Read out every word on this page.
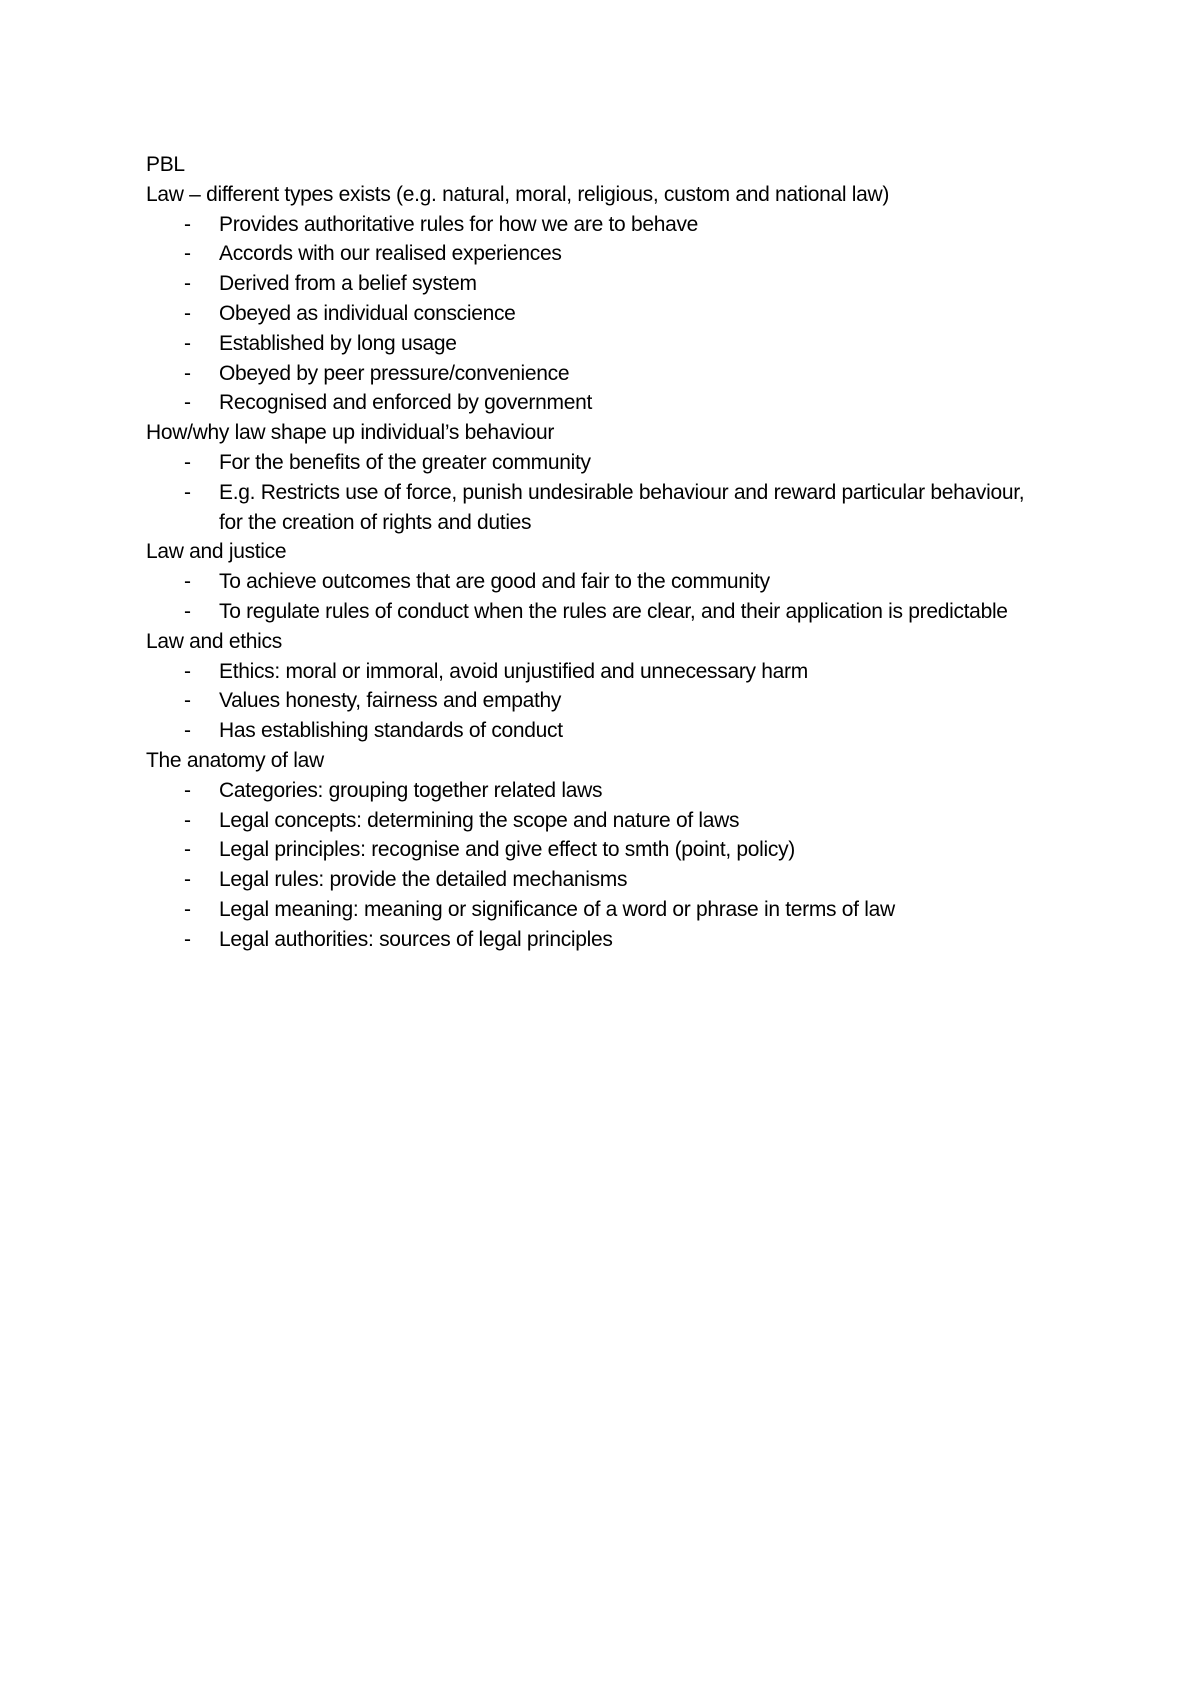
PBL
Law – different types exists (e.g. natural, moral, religious, custom and national law)
- Provides authoritative rules for how we are to behave
- Accords with our realised experiences
- Derived from a belief system
- Obeyed as individual conscience
- Established by long usage
- Obeyed by peer pressure/convenience
- Recognised and enforced by government
How/why law shape up individual’s behaviour
- For the benefits of the greater community
- E.g. Restricts use of force, punish undesirable behaviour and reward particular behaviour, for the creation of rights and duties
Law and justice
- To achieve outcomes that are good and fair to the community
- To regulate rules of conduct when the rules are clear, and their application is predictable
Law and ethics
- Ethics: moral or immoral, avoid unjustified and unnecessary harm
- Values honesty, fairness and empathy
- Has establishing standards of conduct
The anatomy of law
- Categories: grouping together related laws
- Legal concepts: determining the scope and nature of laws
- Legal principles: recognise and give effect to smth (point, policy)
- Legal rules: provide the detailed mechanisms
- Legal meaning: meaning or significance of a word or phrase in terms of law
- Legal authorities: sources of legal principles
